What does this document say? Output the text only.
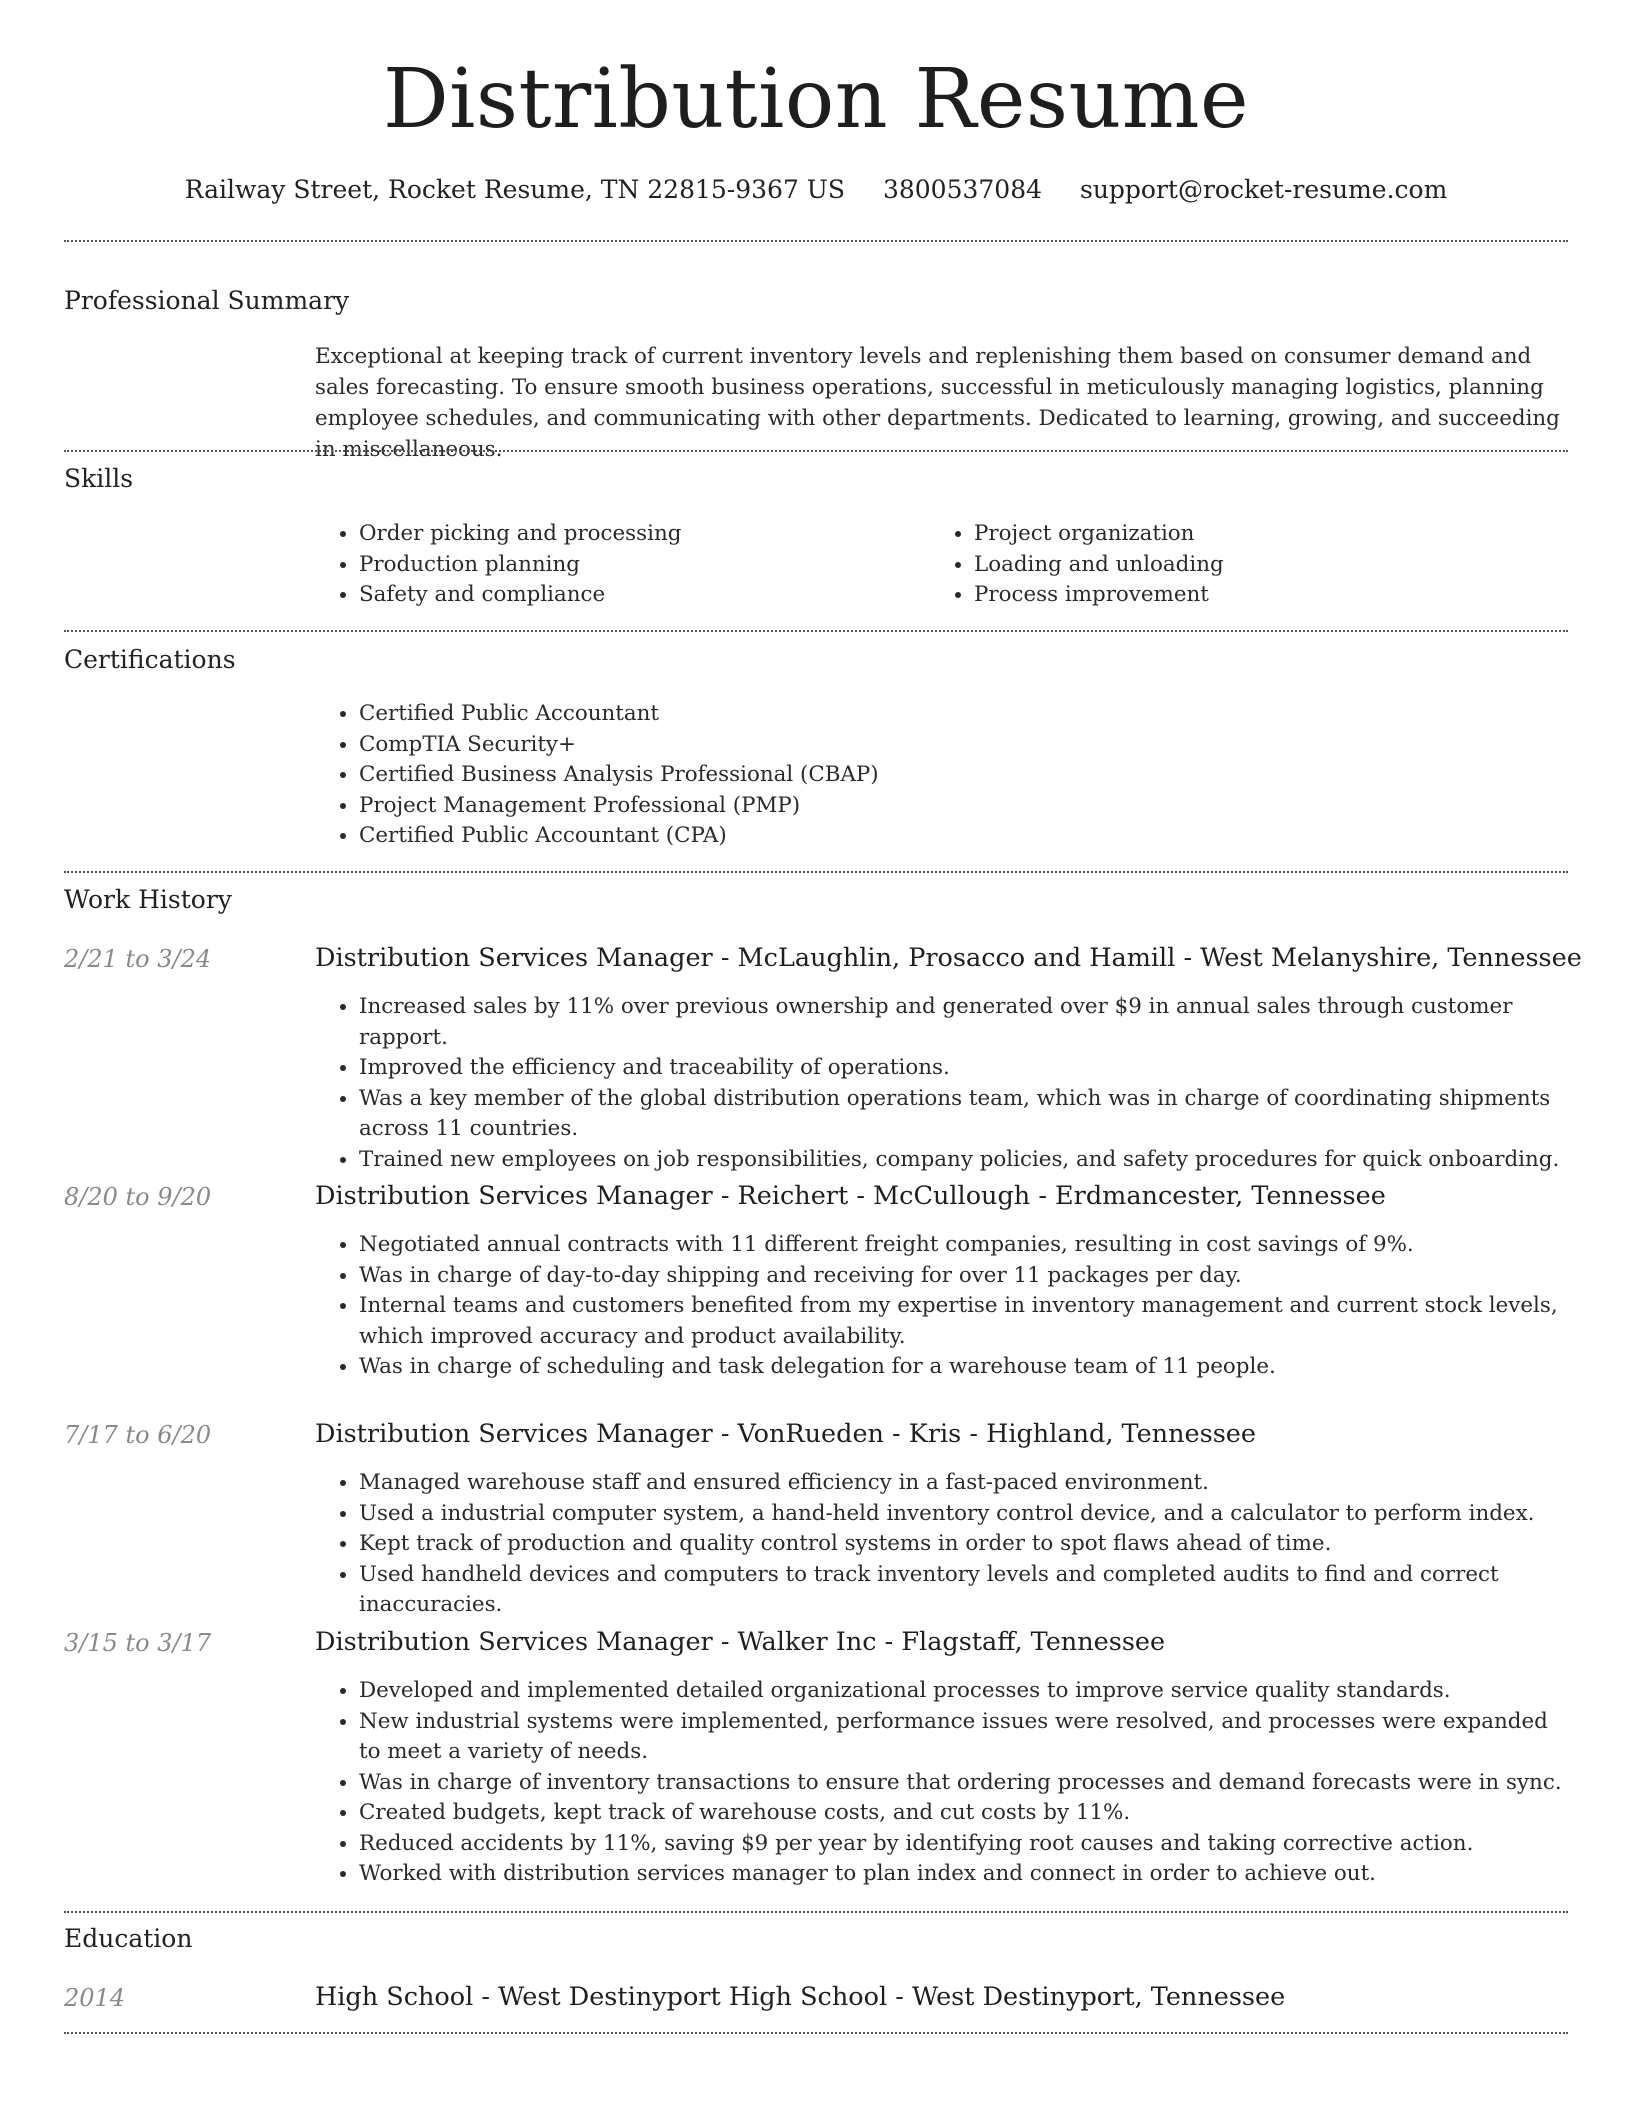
Distribution Resume
Railway Street, Rocket Resume, TN 22815-9367 US 3800537084 support@rocket-resume.com
Professional Summary

Exceptional at keeping track of current inventory levels and replenishing them based on consumer demand and sales forecasting. To ensure smooth business operations, successful in meticulously managing logistics, planning employee schedules, and communicating with other departments. Dedicated to learning, growing, and succeeding in miscellaneous.

Skills
• Order picking and processing
• Production planning
• Safety and compliance
• Project organization
• Loading and unloading
• Process improvement
Certifications
• Certified Public Accountant
• CompTIA Security+
• Certified Business Analysis Professional (CBAP)
• Project Management Professional (PMP)
• Certified Public Accountant (CPA)
Work History
2/21 to 3/24	Distribution Services Manager - McLaughlin, Prosacco and Hamill - West Melanyshire, Tennessee
• Increased sales by 11% over previous ownership and generated over $9 in annual sales through customer rapport.
• Improved the efficiency and traceability of operations.
• Was a key member of the global distribution operations team, which was in charge of coordinating shipments across 11 countries.
• Trained new employees on job responsibilities, company policies, and safety procedures for quick onboarding.
8/20 to 9/20	Distribution Services Manager - Reichert - McCullough - Erdmancester, Tennessee
• Negotiated annual contracts with 11 different freight companies, resulting in cost savings of 9%.
• Was in charge of day-to-day shipping and receiving for over 11 packages per day.
• Internal teams and customers benefited from my expertise in inventory management and current stock levels, which improved accuracy and product availability.
• Was in charge of scheduling and task delegation for a warehouse team of 11 people.
7/17 to 6/20	Distribution Services Manager - VonRueden - Kris - Highland, Tennessee
• Managed warehouse staff and ensured efficiency in a fast-paced environment.
• Used a industrial computer system, a hand-held inventory control device, and a calculator to perform index.
• Kept track of production and quality control systems in order to spot flaws ahead of time.
• Used handheld devices and computers to track inventory levels and completed audits to find and correct inaccuracies.
3/15 to 3/17	Distribution Services Manager - Walker Inc - Flagstaff, Tennessee
• Developed and implemented detailed organizational processes to improve service quality standards.
• New industrial systems were implemented, performance issues were resolved, and processes were expanded to meet a variety of needs.
• Was in charge of inventory transactions to ensure that ordering processes and demand forecasts were in sync.
• Created budgets, kept track of warehouse costs, and cut costs by 11%.
• Reduced accidents by 11%, saving $9 per year by identifying root causes and taking corrective action.
• Worked with distribution services manager to plan index and connect in order to achieve out.
Education
2014	High School - West Destinyport High School - West Destinyport, Tennessee
